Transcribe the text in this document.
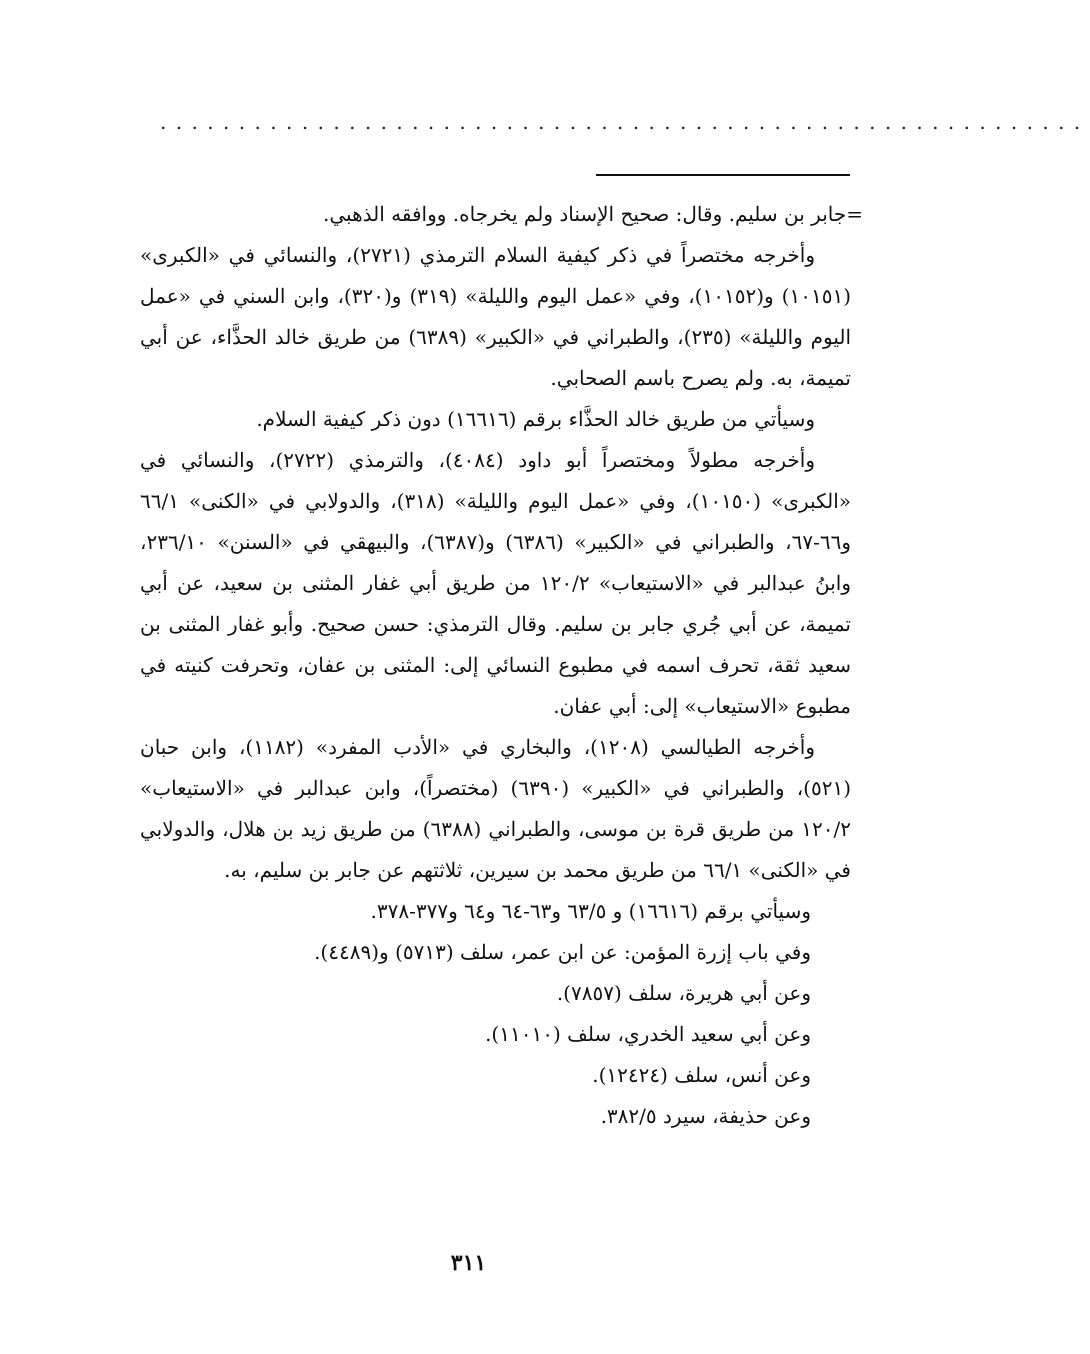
...........................................................

=جابر بن سليم. وقال: صحيح الإسناد ولم يخرجاه. ووافقه الذهبي.

وأخرجه مختصراً في ذكر كيفية السلام الترمذي (٢٧٢١)، والنسائي في «الكبرى» (١٠١٥١) و(١٠١٥٢)، وفي «عمل اليوم والليلة» (٣١٩) و(٣٢٠)، وابن السني في «عمل اليوم والليلة» (٢٣٥)، والطبراني في «الكبير» (٦٣٨٩) من طريق خالد الحذَّاء، عن أبي تميمة، به. ولم يصرح باسم الصحابي.

وسيأتي من طريق خالد الحذَّاء برقم (١٦٦١٦) دون ذكر كيفية السلام.

وأخرجه مطولاً ومختصراً أبو داود (٤٠٨٤)، والترمذي (٢٧٢٢)، والنسائي في «الكبرى» (١٠١٥٠)، وفي «عمل اليوم والليلة» (٣١٨)، والدولابي في «الكنى» ٦٦/١ و٦٦-٦٧، والطبراني في «الكبير» (٦٣٨٦) و(٦٣٨٧)، والبيهقي في «السنن» ٢٣٦/١٠، وابنُ عبدالبر في «الاستيعاب» ١٢٠/٢ من طريق أبي غفار المثنى بن سعيد، عن أبي تميمة، عن أبي جُري جابر بن سليم. وقال الترمذي: حسن صحيح. وأبو غفار المثنى بن سعيد ثقة، تحرف اسمه في مطبوع النسائي إلى: المثنى بن عفان، وتحرفت كنيته في مطبوع «الاستيعاب» إلى: أبي عفان.

وأخرجه الطيالسي (١٢٠٨)، والبخاري في «الأدب المفرد» (١١٨٢)، وابن حبان (٥٢١)، والطبراني في «الكبير» (٦٣٩٠) (مختصراً)، وابن عبدالبر في «الاستيعاب» ١٢٠/٢ من طريق قرة بن موسى، والطبراني (٦٣٨٨) من طريق زيد بن هلال، والدولابي في «الكنى» ٦٦/١ من طريق محمد بن سيرين، ثلاثتهم عن جابر بن سليم، به.

وسيأتي برقم (١٦٦١٦) و ٦٣/٥ و٦٣-٦٤ و٦٤ و٣٧٧-٣٧٨.

وفي باب إزرة المؤمن: عن ابن عمر، سلف (٥٧١٣) و(٤٤٨٩).

وعن أبي هريرة، سلف (٧٨٥٧).

وعن أبي سعيد الخدري، سلف (١١٠١٠).

وعن أنس، سلف (١٢٤٢٤).

وعن حذيفة، سيرد ٣٨٢/٥.

٣١١
